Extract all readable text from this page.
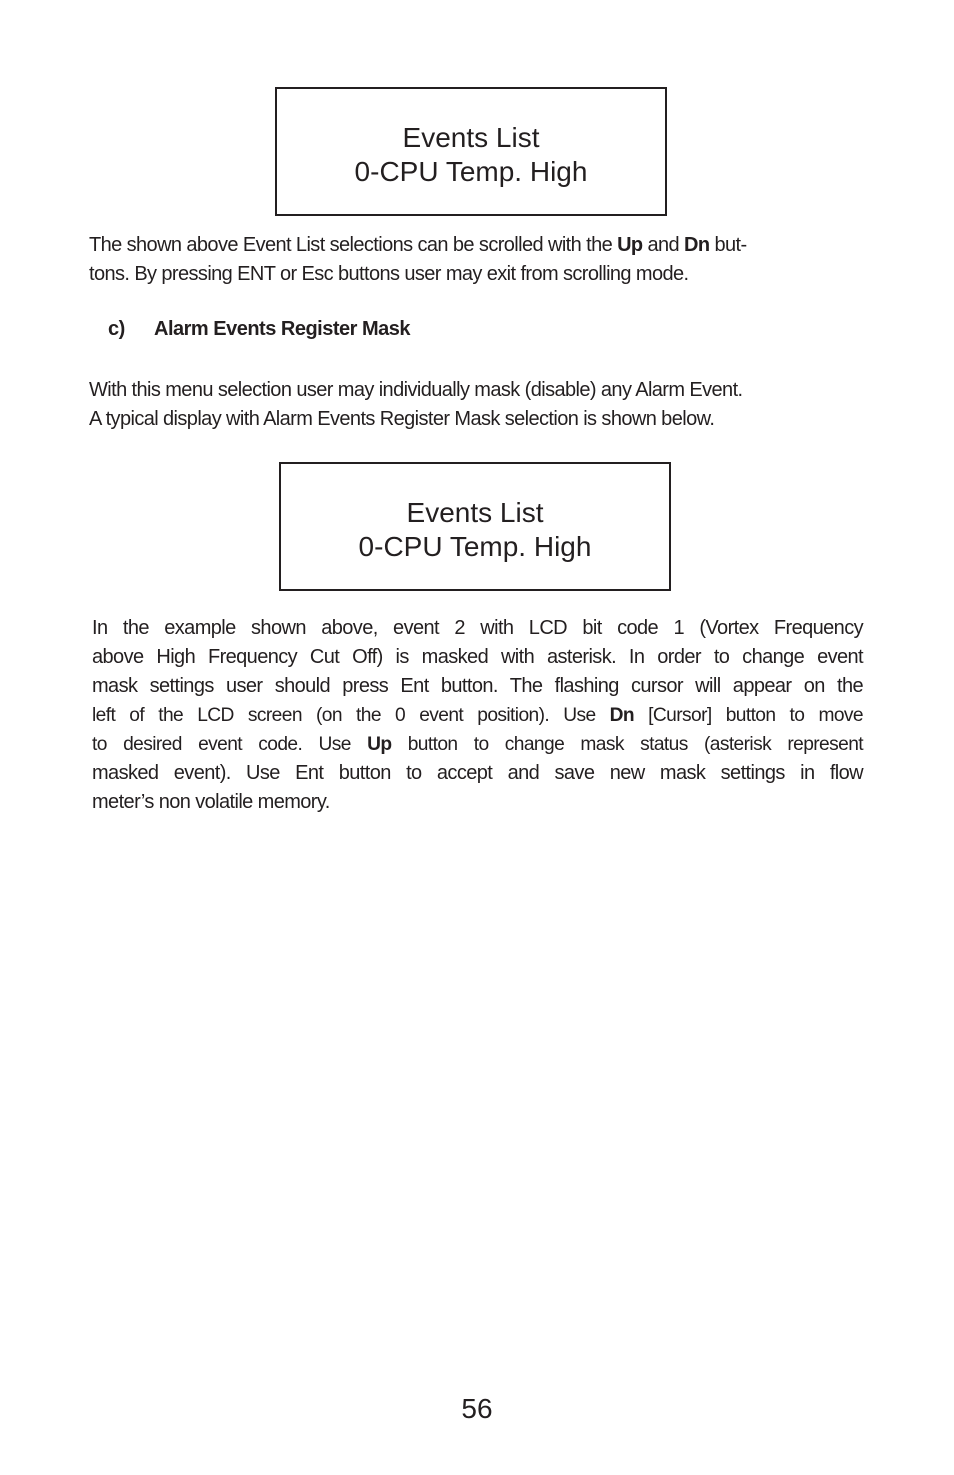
Events List
0-CPU Temp. High
The shown above Event List selections can be scrolled with the Up and Dn but-
tons. By pressing ENT or Esc buttons user may exit from scrolling mode.
c) Alarm Events Register Mask
With this menu selection user may individually mask (disable) any Alarm Event.
A typical display with Alarm Events Register Mask selection is shown below.
Events List
0-CPU Temp. High
In the example shown above, event 2 with LCD bit code 1 (Vortex Frequency
above High Frequency Cut Off) is masked with asterisk. In order to change event
mask settings user should press Ent button. The flashing cursor will appear on the
left of the LCD screen (on the 0 event position). Use Dn [Cursor] button to move
to desired event code. Use Up button to change mask status (asterisk represent
masked event). Use Ent button to accept and save new mask settings in flow
meter’s non volatile memory.
56
